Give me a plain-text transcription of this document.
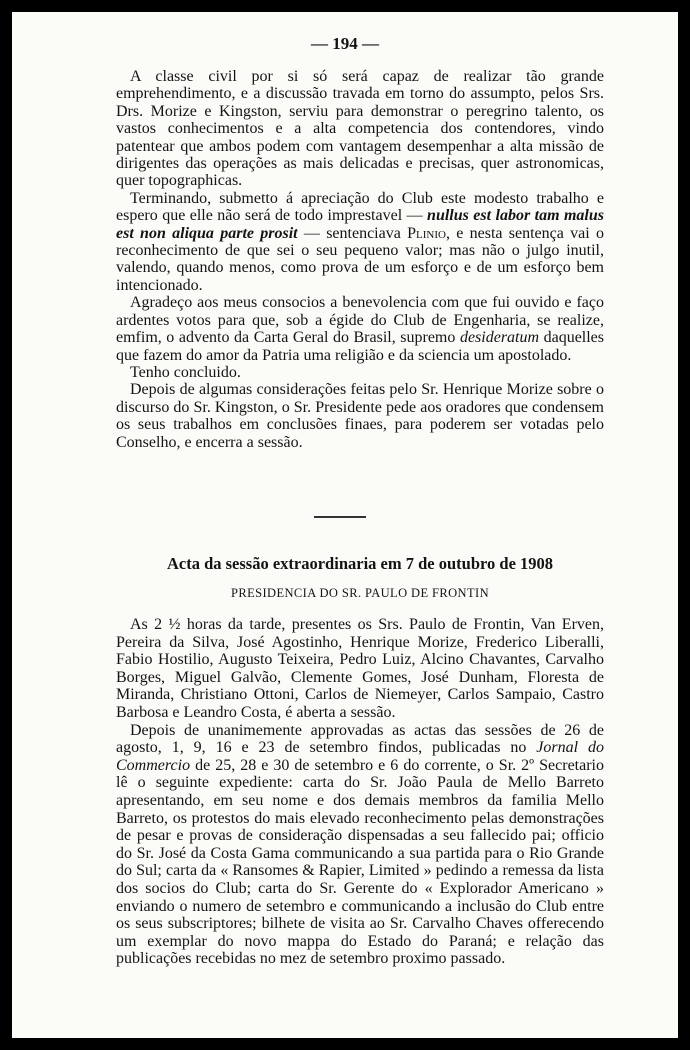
— 194 —

A classe civil por si só será capaz de realizar tão grande emprehendimento, e a discussão travada em torno do assumpto, pelos Srs. Drs. Morize e Kingston, serviu para demonstrar o peregrino talento, os vastos conhecimentos e a alta competencia dos contendores, vindo patentear que ambos podem com vantagem desempenhar a alta missão de dirigentes das operações as mais delicadas e precisas, quer astronomicas, quer topographicas.

Terminando, submetto á apreciação do Club este modesto trabalho e espero que elle não será de todo imprestavel — nullus est labor tam malus est non aliqua parte prosit — sentenciava Plinio, e nesta sentença vai o reconhecimento de que sei o seu pequeno valor; mas não o julgo inutil, valendo, quando menos, como prova de um esforço e de um esforço bem intencionado.

Agradeço aos meus consocios a benevolencia com que fui ouvido e faço ardentes votos para que, sob a égide do Club de Engenharia, se realize, emfim, o advento da Carta Geral do Brasil, supremo desideratum daquelles que fazem do amor da Patria uma religião e da sciencia um apostolado.

Tenho concluido.

Depois de algumas considerações feitas pelo Sr. Henrique Morize sobre o discurso do Sr. Kingston, o Sr. Presidente pede aos oradores que condensem os seus trabalhos em conclusões finaes, para poderem ser votadas pelo Conselho, e encerra a sessão.

Acta da sessão extraordinaria em 7 de outubro de 1908
PRESIDENCIA DO SR. PAULO DE FRONTIN

As 2 ½ horas da tarde, presentes os Srs. Paulo de Frontin, Van Erven, Pereira da Silva, José Agostinho, Henrique Morize, Frederico Liberalli, Fabio Hostilio, Augusto Teixeira, Pedro Luiz, Alcino Chavantes, Carvalho Borges, Miguel Galvão, Clemente Gomes, José Dunham, Floresta de Miranda, Christiano Ottoni, Carlos de Niemeyer, Carlos Sampaio, Castro Barbosa e Leandro Costa, é aberta a sessão.

Depois de unanimemente approvadas as actas das sessões de 26 de agosto, 1, 9, 16 e 23 de setembro findos, publicadas no Jornal do Commercio de 25, 28 e 30 de setembro e 6 do corrente, o Sr. 2º Secretario lê o seguinte expediente: carta do Sr. João Paula de Mello Barreto apresentando, em seu nome e dos demais membros da familia Mello Barreto, os protestos do mais elevado reconhecimento pelas demonstrações de pesar e provas de consideração dispensadas a seu fallecido pai; officio do Sr. José da Costa Gama communicando a sua partida para o Rio Grande do Sul; carta da « Ransomes & Rapier, Limited » pedindo a remessa da lista dos socios do Club; carta do Sr. Gerente do « Explorador Americano » enviando o numero de setembro e communicando a inclusão do Club entre os seus subscriptores; bilhete de visita ao Sr. Carvalho Chaves offerecendo um exemplar do novo mappa do Estado do Paraná; e relação das publicações recebidas no mez de setembro proximo passado.
